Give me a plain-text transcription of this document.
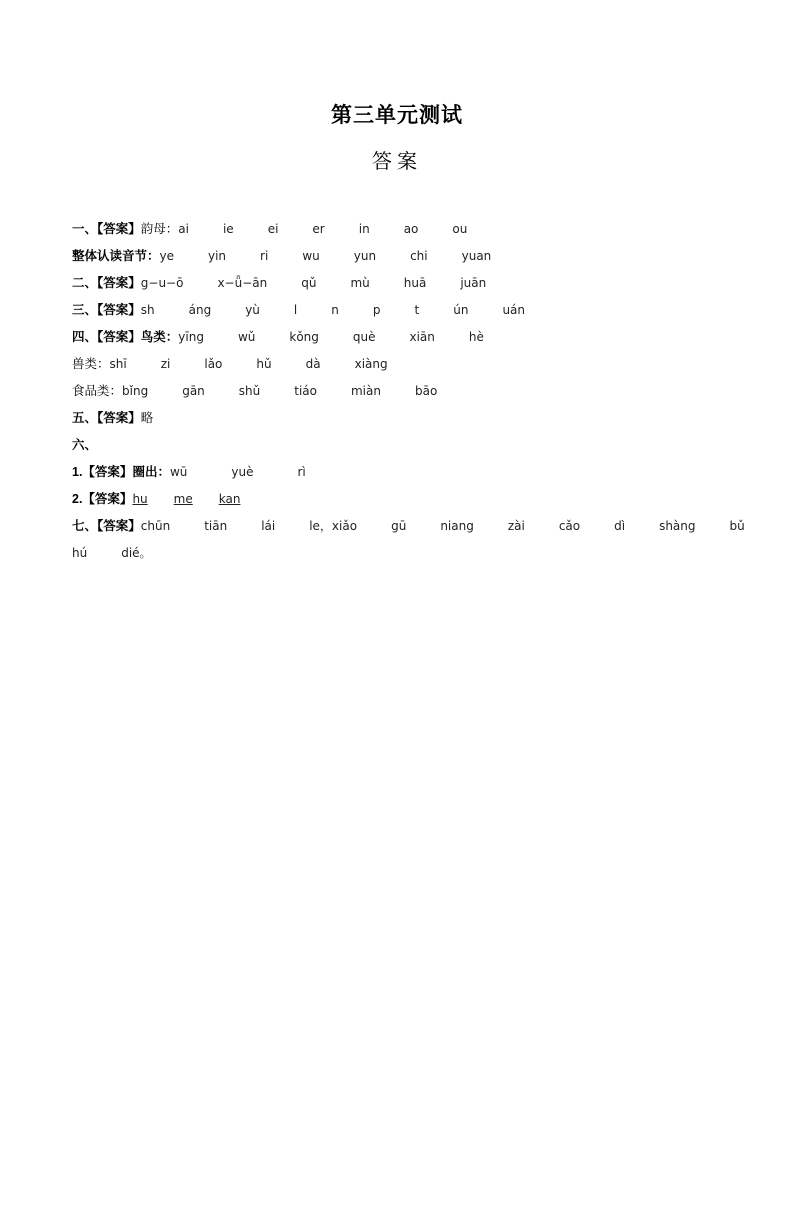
第三单元测试
答案
一、【答案】韵母：ai	ie	ei	er	in	ao	ou
整体认读音节：ye	yin	ri	wu	yun	chi	yuan
二、【答案】g−u−ō	x−ǖ−ān	qǔ	mù	huā	juān
三、【答案】sh	áng	yù	l	n	p	t	ún	uán
四、【答案】鸟类：yīng	wǔ	kǒng	què	xiān	hè
兽类：shī	zi	lǎo	hǔ	dà	xiàng
食品类：bǐng	gān	shǔ	tiáo	miàn	bāo
五、【答案】略
六、
1.【答案】圈出：wū	yuè	rì
2.【答案】hu me kan
七、【答案】chūn	tiān	lái	le，xiǎo	gū	niang	zài	cǎo	dì	shàng	bǔ
hú	dié。
